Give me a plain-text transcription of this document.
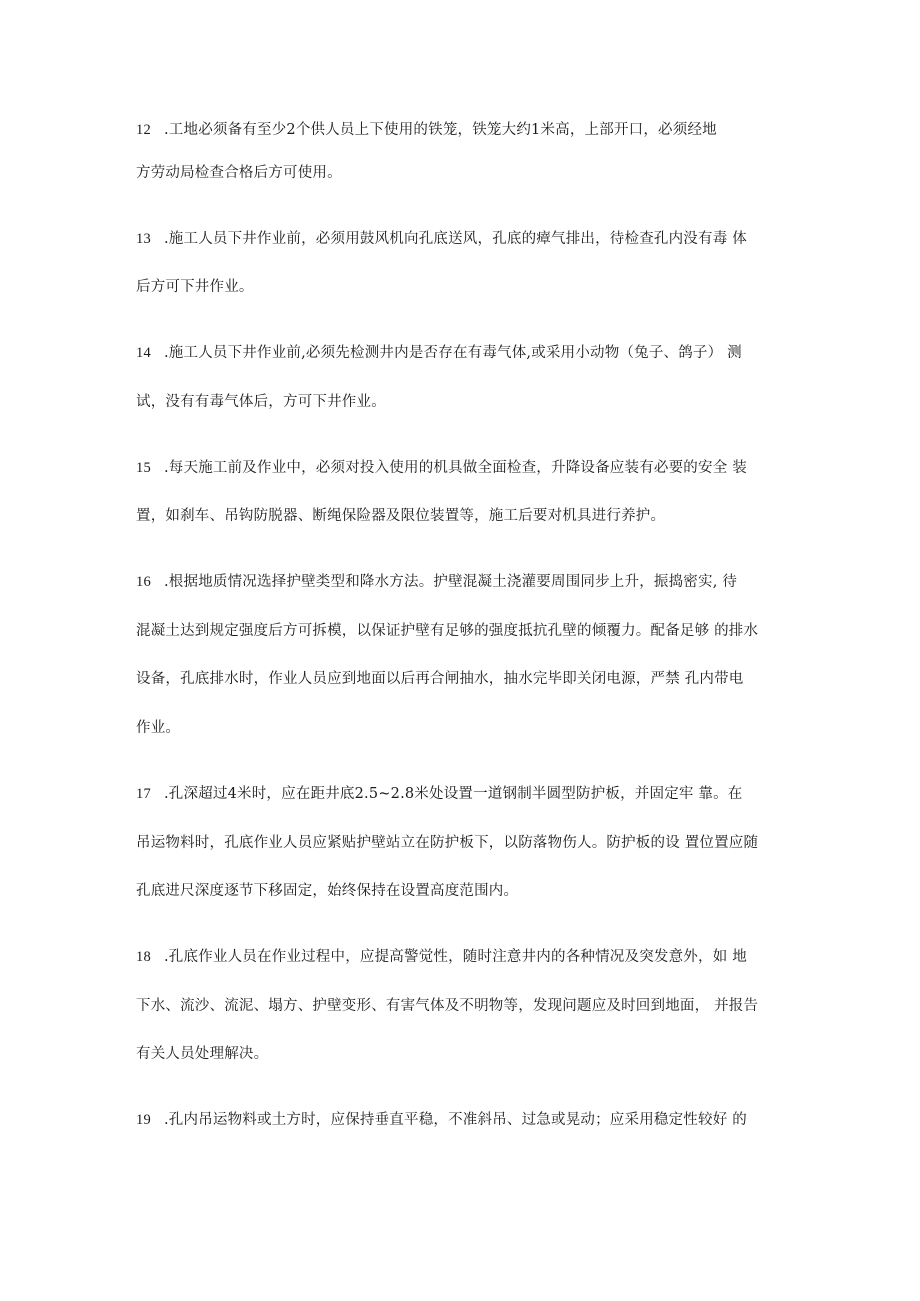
12 .工地必须备有至少2个供人员上下使用的铁笼，铁笼大约1米高，上部开口，必须经地
方劳动局检查合格后方可使用。
13 .施工人员下井作业前，必须用鼓风机向孔底送风，孔底的瘴气排出，待检查孔内没有毒 体
后方可下井作业。
14 .施工人员下井作业前,必须先检测井内是否存在有毒气体,或采用小动物（兔子、鸽子） 测
试，没有有毒气体后，方可下井作业。
15 .每天施工前及作业中，必须对投入使用的机具做全面检查，升降设备应装有必要的安全 装
置，如刹车、吊钩防脱器、断绳保险器及限位装置等，施工后要对机具进行养护。
16 .根据地质情况选择护壁类型和降水方法。护壁混凝土浇灌要周围同步上升，振捣密实, 待
混凝土达到规定强度后方可拆模，以保证护壁有足够的强度抵抗孔壁的倾覆力。配备足够 的排水
设备，孔底排水时，作业人员应到地面以后再合闸抽水，抽水完毕即关闭电源，严禁 孔内带电
作业。
17 .孔深超过4米时，应在距井底2.5~2.8米处设置一道钢制半圆型防护板，并固定牢 靠。在
吊运物料时，孔底作业人员应紧贴护壁站立在防护板下，以防落物伤人。防护板的设 置位置应随
孔底进尺深度逐节下移固定，始终保持在设置高度范围内。
18 .孔底作业人员在作业过程中，应提高警觉性，随时注意井内的各种情况及突发意外，如 地
下水、流沙、流泥、塌方、护壁变形、有害气体及不明物等，发现问题应及时回到地面， 并报告
有关人员处理解决。
19 .孔内吊运物料或土方时，应保持垂直平稳，不准斜吊、过急或晃动；应采用稳定性较好 的
